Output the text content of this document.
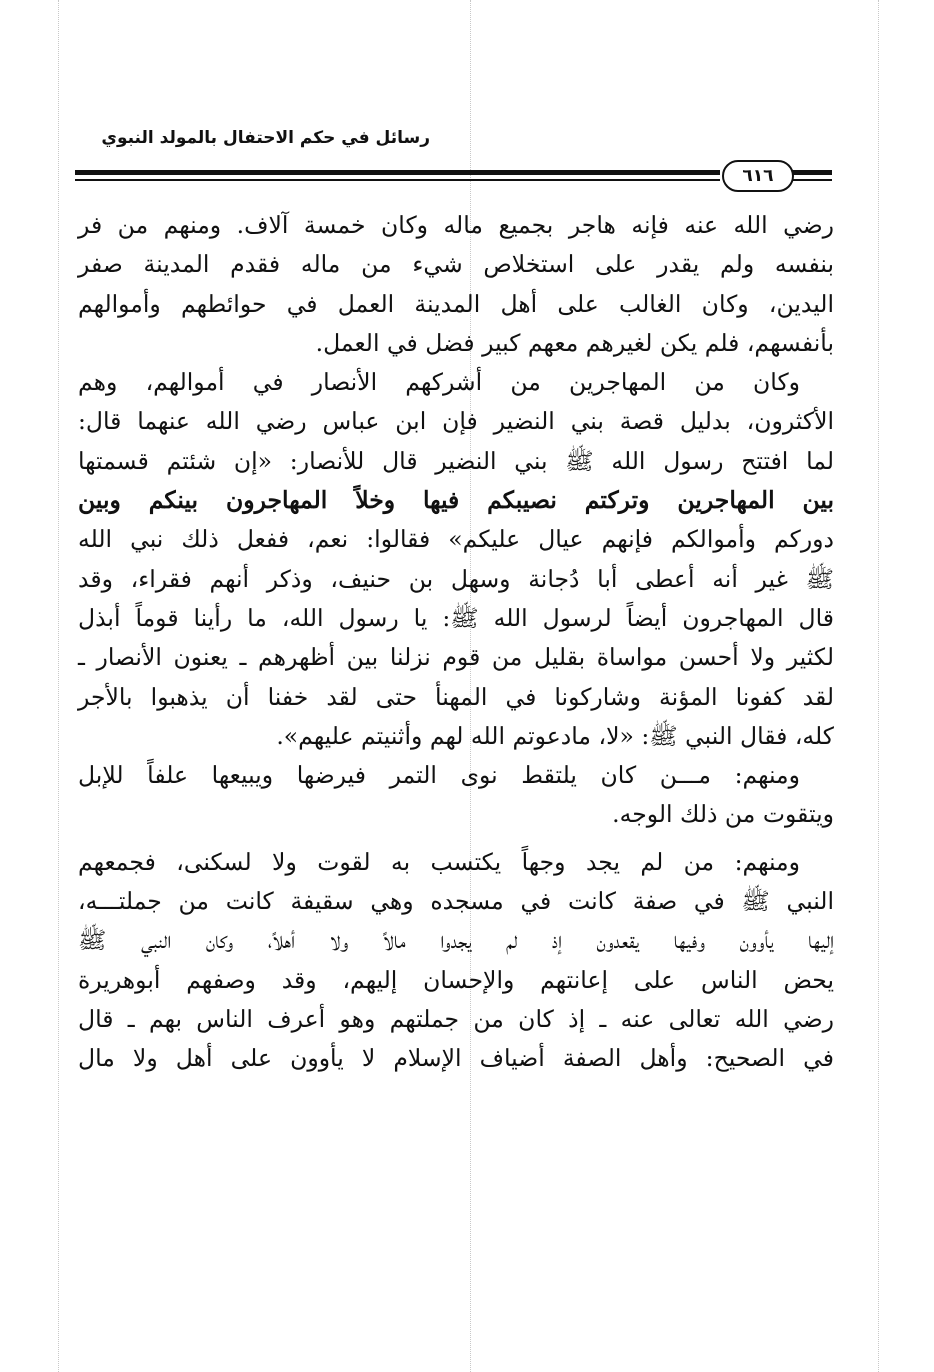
رسائل في حكم الاحتفال بالمولد النبوي
٦١٦
رضي الله عنه فإنه هاجر بجميع ماله وكان خمسة آلاف. ومنهم من فر
بنفسه ولم يقدر على استخلاص شيء من ماله فقدم المدينة صفر
اليدين، وكان الغالب على أهل المدينة العمل في حوائطهم وأموالهم
بأنفسهم، فلم يكن لغيرهم معهم كبير فضل في العمل.
وكان من المهاجرين من أشركهم الأنصار في أموالهم، وهم
الأكثرون، بدليل قصة بني النضير فإن ابن عباس رضي الله عنهما قال:
لما افتتح رسول الله ﷺ بني النضير قال للأنصار: «إن شئتم قسمتها
بين المهاجرين وتركتم نصيبكم فيها وخلاً المهاجرون بينكم وبين
دوركم وأموالكم فإنهم عيال عليكم» فقالوا: نعم، ففعل ذلك نبي الله
ﷺ غير أنه أعطى أبا دُجانة وسهل بن حنيف، وذكر أنهم فقراء، وقد
قال المهاجرون أيضاً لرسول الله ﷺ: يا رسول الله، ما رأينا قوماً أبذل
لكثير ولا أحسن مواساة بقليل من قوم نزلنا بين أظهرهم ـ يعنون الأنصار ـ
لقد كفونا المؤنة وشاركونا في المهنأ حتى لقد خفنا أن يذهبوا بالأجر
كله، فقال النبي ﷺ: «لا، مادعوتم الله لهم وأثنيتم عليهم».
ومنهم: مـــن كان يلتقط نوى التمر فيرضها ويبيعها علفاً للإبل
ويتقوت من ذلك الوجه.
ومنهم: من لم يجد وجهاً يكتسب به لقوت ولا لسكنى، فجمعهم
النبي ﷺ في صفة كانت في مسجده وهي سقيفة كانت من جملتـــه،
إليها يأوون وفيها يقعدون إذ لم يجدوا مالاً ولا أهلاً، وكان النبي ﷺ
يحض الناس على إعانتهم والإحسان إليهم، وقد وصفهم أبوهريرة
رضي الله تعالى عنه ـ إذ كان من جملتهم وهو أعرف الناس بهم ـ قال
في الصحيح: وأهل الصفة أضياف الإسلام لا يأوون على أهل ولا مال
